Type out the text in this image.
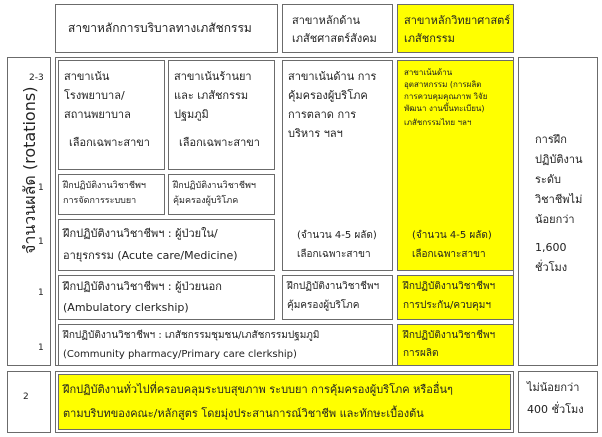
สาขาหลักการบริบาลทางเภสัชกรรม
สาขาหลักด้าน
เภสัชศาสตร์สังคม
สาขาหลักวิทยาศาสตร์
เภสัชกรรม
จำนวนผลัด (rotations)
2-3
1
1
1
1
สาขาเน้น
โรงพยาบาล/
สถานพยาบาล
เลือกเฉพาะสาขา
สาขาเน้นร้านยา
และ เภสัชกรรม
ปฐมภูมิ
เลือกเฉพาะสาขา
สาขาเน้นด้าน การ
คุ้มครองผู้บริโภค
การตลาด การ
บริหาร ฯลฯ
(จำนวน 4-5 ผลัด)
เลือกเฉพาะสาขา
สาขาเน้นด้าน
อุตสาหกรรม (การผลิต
การควบคุมคุณภาพ วิจัย
พัฒนา งานขึ้นทะเบียน)
เภสัชกรรมไทย ฯลฯ
(จำนวน 4-5 ผลัด)
เลือกเฉพาะสาขา
ฝึกปฏิบัติงานวิชาชีพฯ
การจัดการระบบยา
ฝึกปฏิบัติงานวิชาชีพฯ
คุ้มครองผู้บริโภค
ฝึกปฏิบัติงานวิชาชีพฯ : ผู้ป่วยใน/
อายุรกรรม (Acute care/Medicine)
ฝึกปฏิบัติงานวิชาชีพฯ : ผู้ป่วยนอก
(Ambulatory clerkship)
ฝึกปฏิบัติงานวิชาชีพฯ
คุ้มครองผู้บริโภค
ฝึกปฏิบัติงานวิชาชีพฯ
การประกัน/ควบคุมฯ
ฝึกปฏิบัติงานวิชาชีพฯ : เภสัชกรรมชุมชน/เภสัชกรรมปฐมภูมิ
(Community pharmacy/Primary care clerkship)
ฝึกปฏิบัติงานวิชาชีพฯ
การผลิต
การฝึก
ปฏิบัติงาน
ระดับ
วิชาชีพไม่
น้อยกว่า
1,600
ชั่วโมง
2
ฝึกปฏิบัติงานทั่วไปที่ครอบคลุมระบบสุขภาพ ระบบยา การคุ้มครองผู้บริโภค หรืออื่นๆ
ตามบริบทของคณะ/หลักสูตร โดยมุ่งประสานการณ์วิชาชีพ และทักษะเบื้องต้น
ไม่น้อยกว่า
400 ชั่วโมง
